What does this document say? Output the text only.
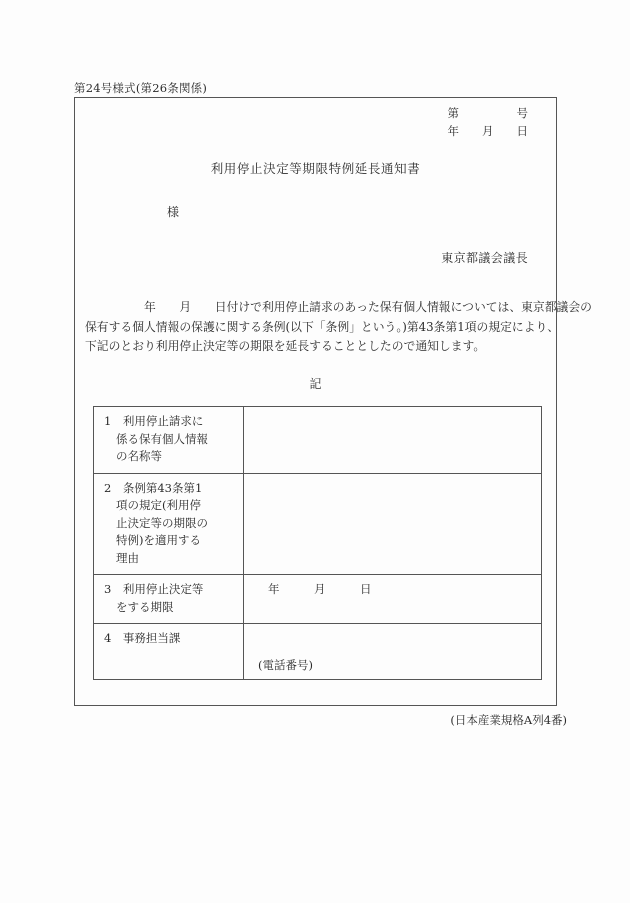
第24号様式(第26条関係)
第　　　　　号
年　　月　　日
利用停止決定等期限特例延長通知書
様
東京都議会議長
　　　　　年　　月　　日付けで利用停止請求のあった保有個人情報については、東京都議会の
保有する個人情報の保護に関する条例(以下「条例」という。)第43条第1項の規定により、
下記のとおり利用停止決定等の期限を延長することとしたので通知します。
記
1　利用停止請求に
係る保有個人情報
の名称等	

2　条例第43条第1
項の規定(利用停
止決定等の期限の
特例)を適用する
理由	

3　利用停止決定等
をする期限	年　　　月　　　日

4　事務担当課	(電話番号)
(日本産業規格A列4番)
